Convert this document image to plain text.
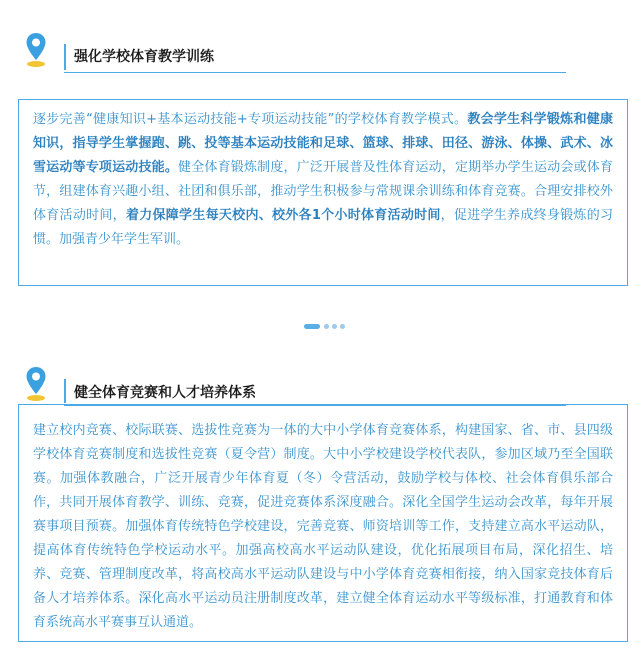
强化学校体育教学训练
逐步完善“健康知识+基本运动技能+专项运动技能”的学校体育教学模式。教会学生科学锻炼和健康知识，指导学生掌握跑、跳、投等基本运动技能和足球、篮球、排球、田径、游泳、体操、武术、冰雪运动等专项运动技能。健全体育锻炼制度，广泛开展普及性体育运动，定期举办学生运动会或体育节，组建体育兴趣小组、社团和俱乐部，推动学生积极参与常规课余训练和体育竞赛。合理安排校外体育活动时间，着力保障学生每天校内、校外各1个小时体育活动时间，促进学生养成终身锻炼的习惯。加强青少年学生军训。
健全体育竞赛和人才培养体系
建立校内竞赛、校际联赛、选拔性竞赛为一体的大中小学体育竞赛体系，构建国家、省、市、县四级学校体育竞赛制度和选拔性竞赛（夏令营）制度。大中小学校建设学校代表队，参加区域乃至全国联赛。加强体教融合，广泛开展青少年体育夏（冬）令营活动，鼓励学校与体校、社会体育俱乐部合作，共同开展体育教学、训练、竞赛，促进竞赛体系深度融合。深化全国学生运动会改革，每年开展赛事项目预赛。加强体育传统特色学校建设，完善竞赛、师资培训等工作，支持建立高水平运动队，提高体育传统特色学校运动水平。加强高校高水平运动队建设，优化拓展项目布局，深化招生、培养、竞赛、管理制度改革，将高校高水平运动队建设与中小学体育竞赛相衔接，纳入国家竞技体育后备人才培养体系。深化高水平运动员注册制度改革，建立健全体育运动水平等级标准，打通教育和体育系统高水平赛事互认通道。
